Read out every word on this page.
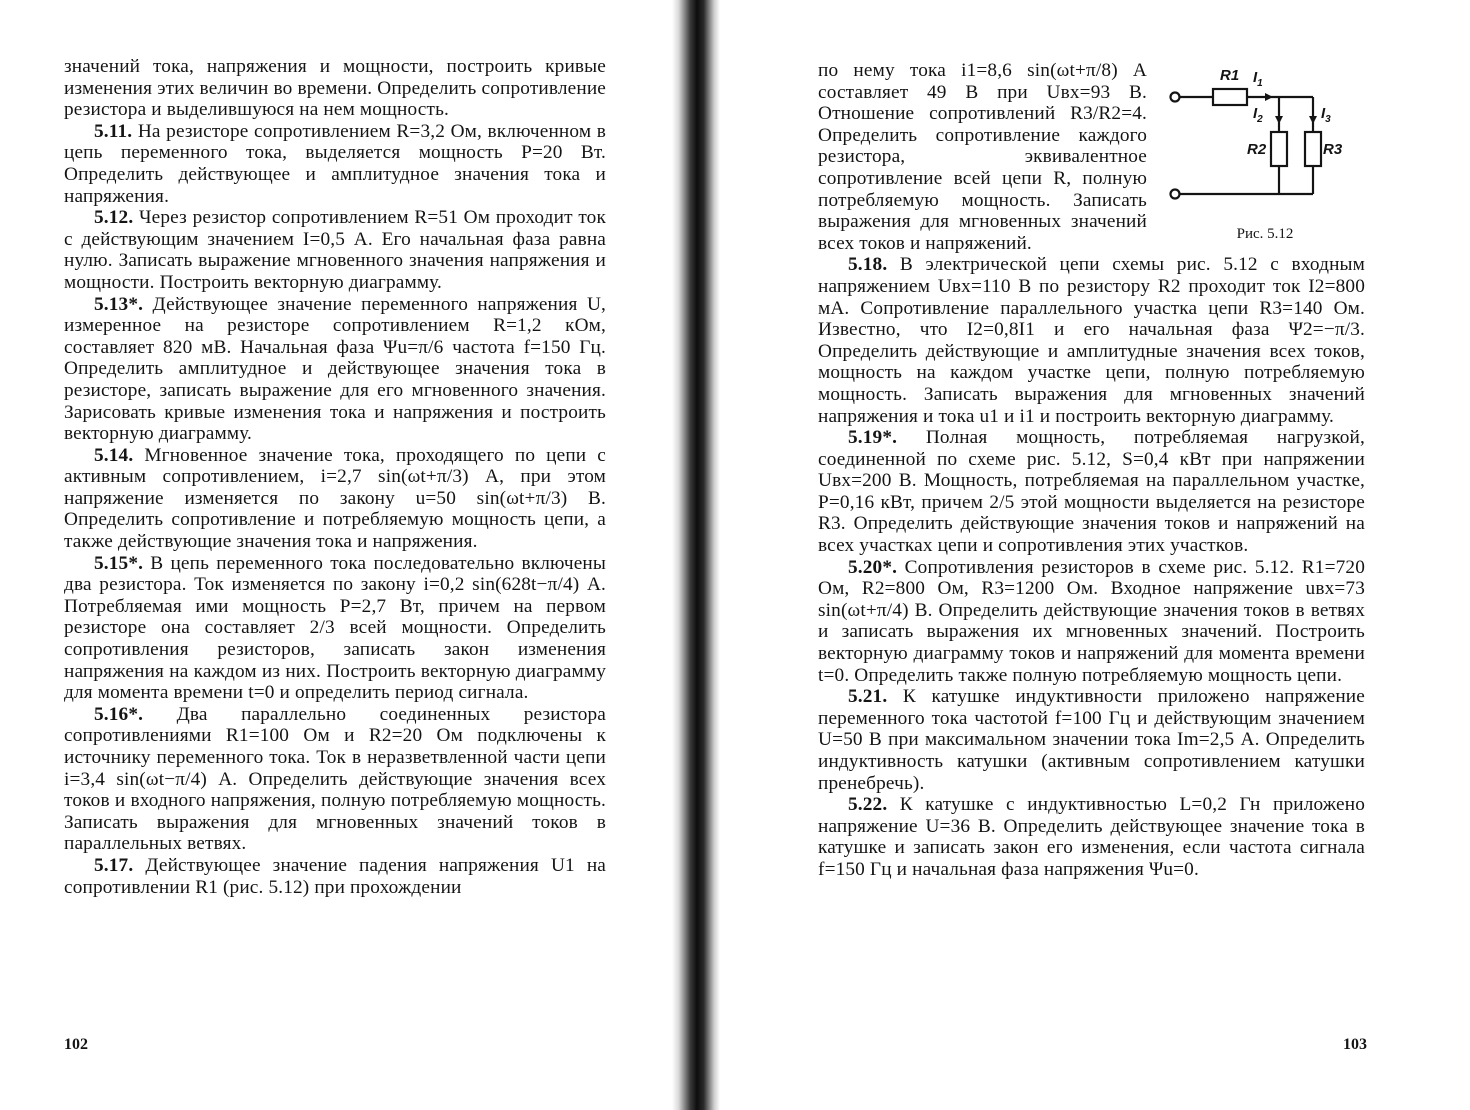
значений тока, напряжения и мощности, построить кривые изменения этих величин во времени. Определить сопротивление резистора и выделившуюся на нем мощность.

5.11. На резисторе сопротивлением R=3,2 Ом, включенном в цепь переменного тока, выделяется мощность P=20 Вт. Определить действующее и амплитудное значения тока и напряжения.

5.12. Через резистор сопротивлением R=51 Ом проходит ток с действующим значением I=0,5 А. Его начальная фаза равна нулю. Записать выражение мгновенного значения напряжения и мощности. Построить векторную диаграмму.

5.13*. Действующее значение переменного напряжения U, измеренное на резисторе сопротивлением R=1,2 кОм, составляет 820 мВ. Начальная фаза Ψu=π/6 частота f=150 Гц. Определить амплитудное и действующее значения тока в резисторе, записать выражение для его мгновенного значения. Зарисовать кривые изменения тока и напряжения и построить векторную диаграмму.

5.14. Мгновенное значение тока, проходящего по цепи с активным сопротивлением, i=2,7 sin(ωt+π/3) А, при этом напряжение изменяется по закону u=50 sin(ωt+π/3) В. Определить сопротивление и потребляемую мощность цепи, а также действующие значения тока и напряжения.

5.15*. В цепь переменного тока последовательно включены два резистора. Ток изменяется по закону i=0,2 sin(628t−π/4) А. Потребляемая ими мощность P=2,7 Вт, причем на первом резисторе она составляет 2/3 всей мощности. Определить сопротивления резисторов, записать закон изменения напряжения на каждом из них. Построить векторную диаграмму для момента времени t=0 и определить период сигнала.

5.16*. Два параллельно соединенных резистора сопротивлениями R1=100 Ом и R2=20 Ом подключены к источнику переменного тока. Ток в неразветвленной части цепи i=3,4 sin(ωt−π/4) А. Определить действующие значения всех токов и входного напряжения, полную потребляемую мощность. Записать выражения для мгновенных значений токов в параллельных ветвях.

5.17. Действующее значение падения напряжения U1 на сопротивлении R1 (рис. 5.12) при прохождении

102
R1 $I_1$
$I_2$	$I_3$
R2	R3
Рис. 5.12

по нему тока i1=8,6 sin(ωt+π/8) А составляет 49 В при Uвх=93 В. Отношение сопротивлений R3/R2=4. Определить сопротивление каждого резистора, эквивалентное сопротивление всей цепи R, полную потребляемую мощность. Записать выражения для мгновенных значений всех токов и напряжений.

5.18. В электрической цепи схемы рис. 5.12 с входным напряжением Uвх=110 В по резистору R2 проходит ток I2=800 мА. Сопротивление параллельного участка цепи R3=140 Ом. Известно, что I2=0,8I1 и его начальная фаза Ψ2=−π/3. Определить действующие и амплитудные значения всех токов, мощность на каждом участке цепи, полную потребляемую мощность. Записать выражения для мгновенных значений напряжения и тока u1 и i1 и построить векторную диаграмму.

5.19*. Полная мощность, потребляемая нагрузкой, соединенной по схеме рис. 5.12, S=0,4 кВт при напряжении Uвх=200 В. Мощность, потребляемая на параллельном участке, P=0,16 кВт, причем 2/5 этой мощности выделяется на резисторе R3. Определить действующие значения токов и напряжений на всех участках цепи и сопротивления этих участков.

5.20*. Сопротивления резисторов в схеме рис. 5.12. R1=720 Ом, R2=800 Ом, R3=1200 Ом. Входное напряжение uвх=73 sin(ωt+π/4) В. Определить действующие значения токов в ветвях и записать выражения их мгновенных значений. Построить векторную диаграмму токов и напряжений для момента времени t=0. Определить также полную потребляемую мощность цепи.

5.21. К катушке индуктивности приложено напряжение переменного тока частотой f=100 Гц и действующим значением U=50 В при максимальном значении тока Im=2,5 А. Определить индуктивность катушки (активным сопротивлением катушки пренебречь).

5.22. К катушке с индуктивностью L=0,2 Гн приложено напряжение U=36 В. Определить действующее значение тока в катушке и записать закон его изменения, если частота сигнала f=150 Гц и начальная фаза напряжения Ψu=0.

103
